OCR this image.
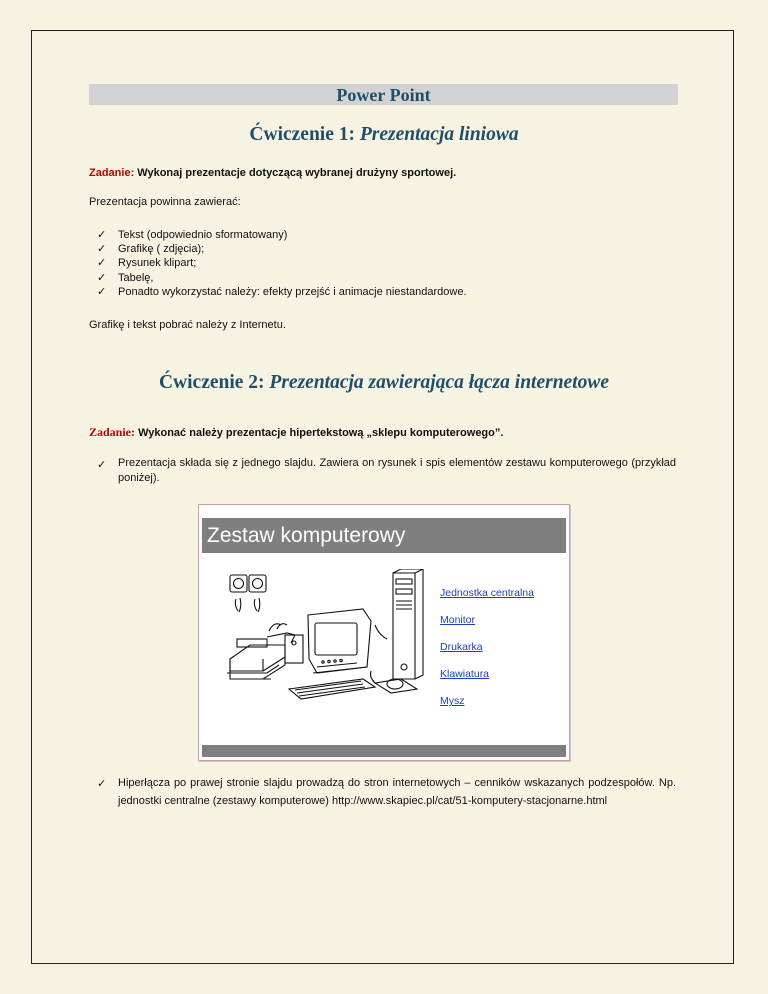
Power Point
Ćwiczenie 1: Prezentacja liniowa
Zadanie: Wykonaj prezentacje dotyczącą wybranej drużyny sportowej.
Prezentacja powinna zawierać:
✓ Tekst (odpowiednio sformatowany)
✓ Grafikę ( zdjęcia);
✓ Rysunek klipart;
✓ Tabelę,
✓ Ponadto wykorzystać należy: efekty przejść i animacje niestandardowe.
Grafikę i tekst pobrać należy z Internetu.
Ćwiczenie 2: Prezentacja zawierająca łącza internetowe
Zadanie: Wykonać należy prezentacje hipertekstową „sklepu komputerowego”.
✓ Prezentacja składa się z jednego slajdu. Zawiera on rysunek i spis elementów zestawu komputerowego (przykład poniżej).
Zestaw komputerowy
Jednostka centralna
Monitor
Drukarka
Klawiatura
Mysz
✓ Hiperłącza po prawej stronie slajdu prowadzą do stron internetowych – cenników wskazanych podzespołów. Np. jednostki centralne (zestawy komputerowe) http://www.skapiec.pl/cat/51-komputery-stacjonarne.html
